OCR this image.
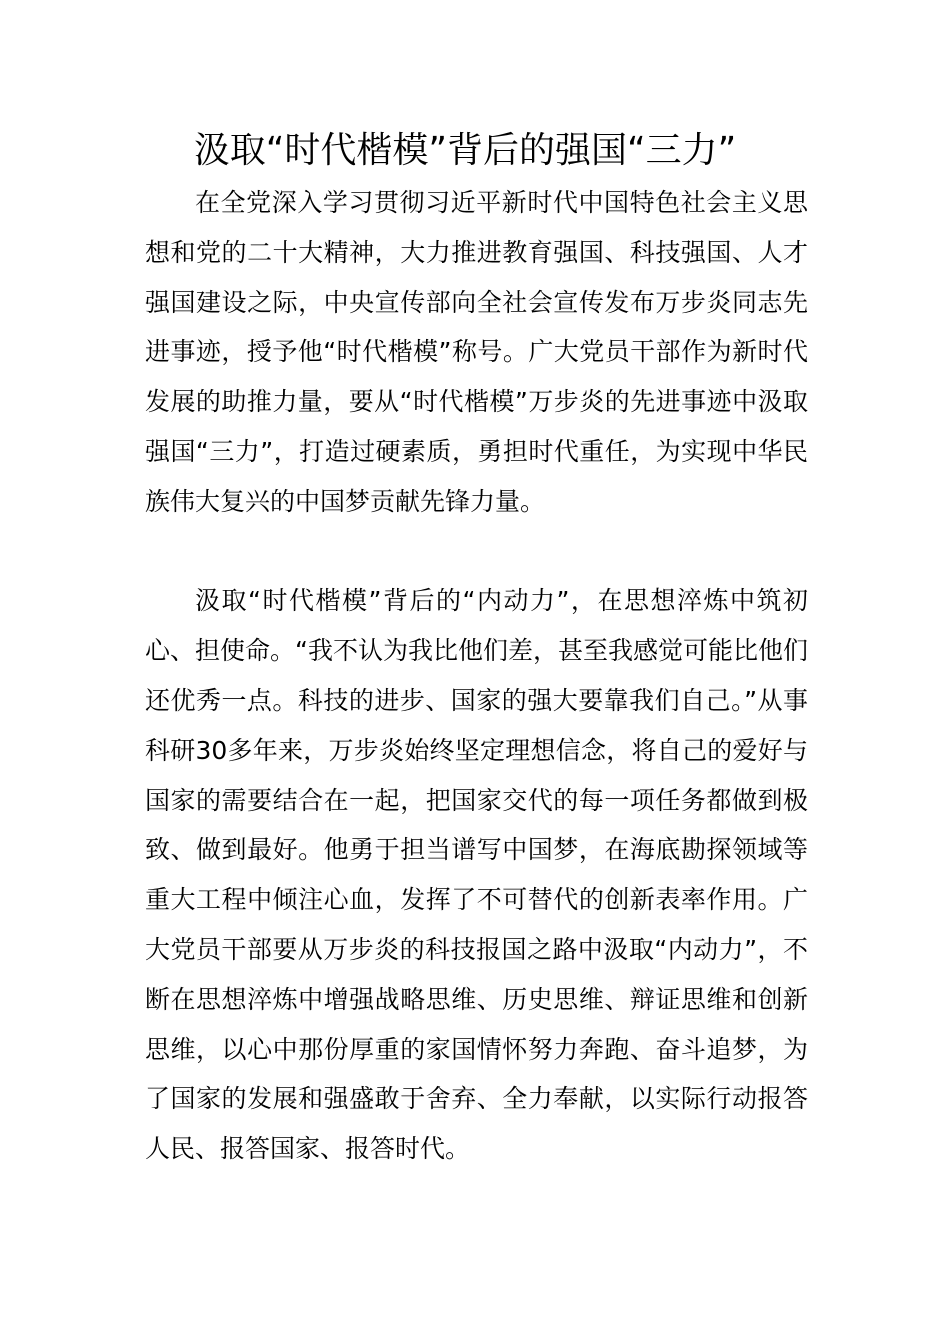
汲取“时代楷模”背后的强国“三力”

在全党深入学习贯彻习近平新时代中国特色社会主义思想和党的二十大精神，大力推进教育强国、科技强国、人才强国建设之际，中央宣传部向全社会宣传发布万步炎同志先进事迹，授予他“时代楷模”称号。广大党员干部作为新时代发展的助推力量，要从“时代楷模”万步炎的先进事迹中汲取强国“三力”，打造过硬素质，勇担时代重任，为实现中华民族伟大复兴的中国梦贡献先锋力量。

汲取“时代楷模”背后的“内动力”，在思想淬炼中筑初心、担使命。“我不认为我比他们差，甚至我感觉可能比他们还优秀一点。科技的进步、国家的强大要靠我们自己。”从事科研30多年来，万步炎始终坚定理想信念，将自己的爱好与国家的需要结合在一起，把国家交代的每一项任务都做到极致、做到最好。他勇于担当谱写中国梦，在海底勘探领域等重大工程中倾注心血，发挥了不可替代的创新表率作用。广大党员干部要从万步炎的科技报国之路中汲取“内动力”，不断在思想淬炼中增强战略思维、历史思维、辩证思维和创新思维，以心中那份厚重的家国情怀努力奔跑、奋斗追梦，为了国家的发展和强盛敢于舍弃、全力奉献，以实际行动报答人民、报答国家、报答时代。
